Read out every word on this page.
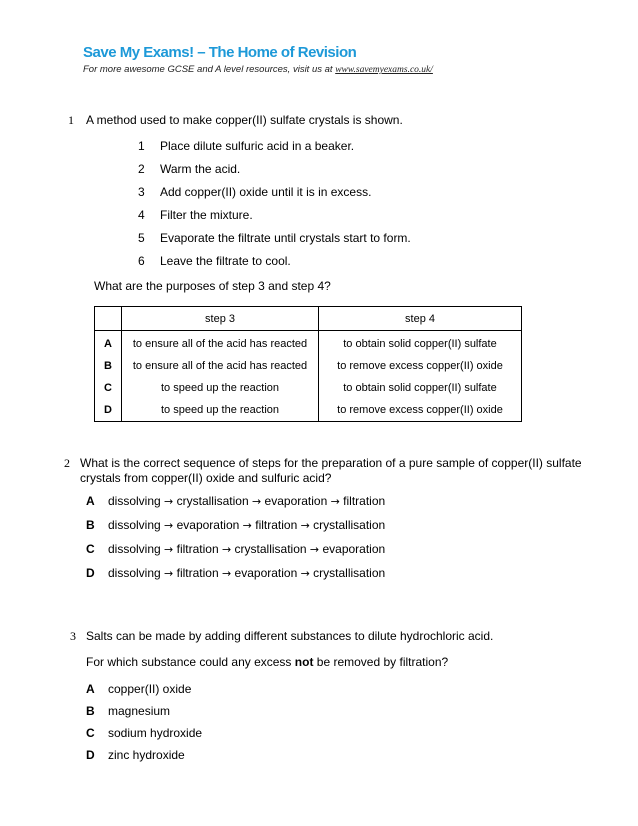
Save My Exams! – The Home of Revision
For more awesome GCSE and A level resources, visit us at www.savemyexams.co.uk/
1 A method used to make copper(II) sulfate crystals is shown.
1 Place dilute sulfuric acid in a beaker.
2 Warm the acid.
3 Add copper(II) oxide until it is in excess.
4 Filter the mixture.
5 Evaporate the filtrate until crystals start to form.
6 Leave the filtrate to cool.
What are the purposes of step 3 and step 4?
	step 3	step 4
A	to ensure all of the acid has reacted	to obtain solid copper(II) sulfate
B	to ensure all of the acid has reacted	to remove excess copper(II) oxide
C	to speed up the reaction	to obtain solid copper(II) sulfate
D	to speed up the reaction	to remove excess copper(II) oxide
2 What is the correct sequence of steps for the preparation of a pure sample of copper(II) sulfate
crystals from copper(II) oxide and sulfuric acid?
A dissolving → crystallisation → evaporation → filtration
B dissolving → evaporation → filtration → crystallisation
C dissolving → filtration → crystallisation → evaporation
D dissolving → filtration → evaporation → crystallisation
3 Salts can be made by adding different substances to dilute hydrochloric acid.
For which substance could any excess not be removed by filtration?
A copper(II) oxide
B magnesium
C sodium hydroxide
D zinc hydroxide
